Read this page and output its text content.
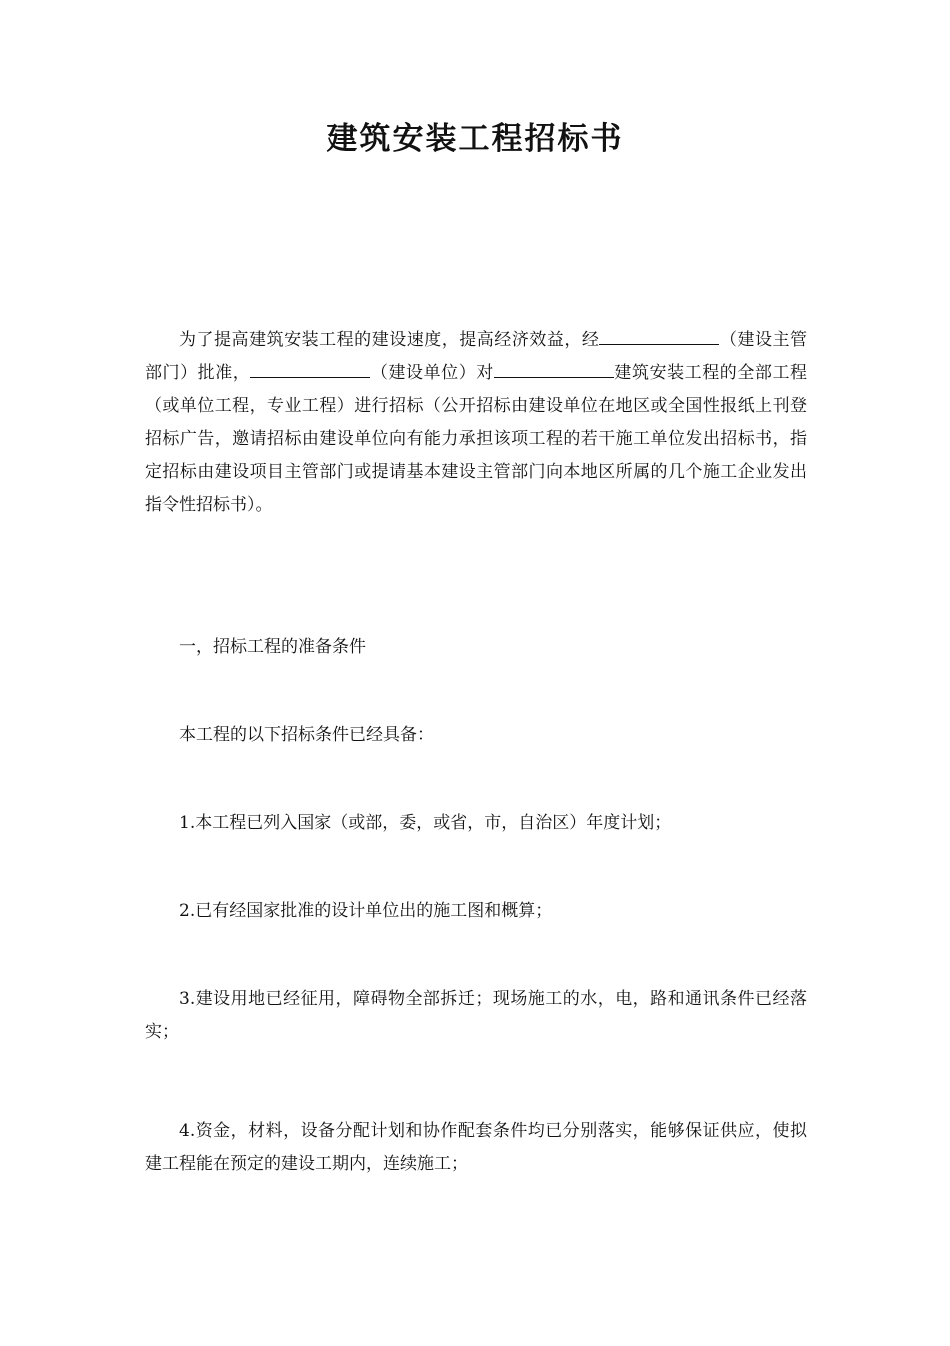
建筑安装工程招标书

为了提高建筑安装工程的建设速度，提高经济效益，经	（建设主管部门）批准，	（建设单位）对	建筑安装工程的全部工程（或单位工程，专业工程）进行招标（公开招标由建设单位在地区或全国性报纸上刊登招标广告，邀请招标由建设单位向有能力承担该项工程的若干施工单位发出招标书，指定招标由建设项目主管部门或提请基本建设主管部门向本地区所属的几个施工企业发出指令性招标书）。

一，招标工程的准备条件

本工程的以下招标条件已经具备：

1.本工程已列入国家（或部，委，或省，市，自治区）年度计划；

2.已有经国家批准的设计单位出的施工图和概算；

3.建设用地已经征用，障碍物全部拆迁；现场施工的水，电，路和通讯条件已经落实；

4.资金，材料，设备分配计划和协作配套条件均已分别落实，能够保证供应，使拟建工程能在预定的建设工期内，连续施工；
